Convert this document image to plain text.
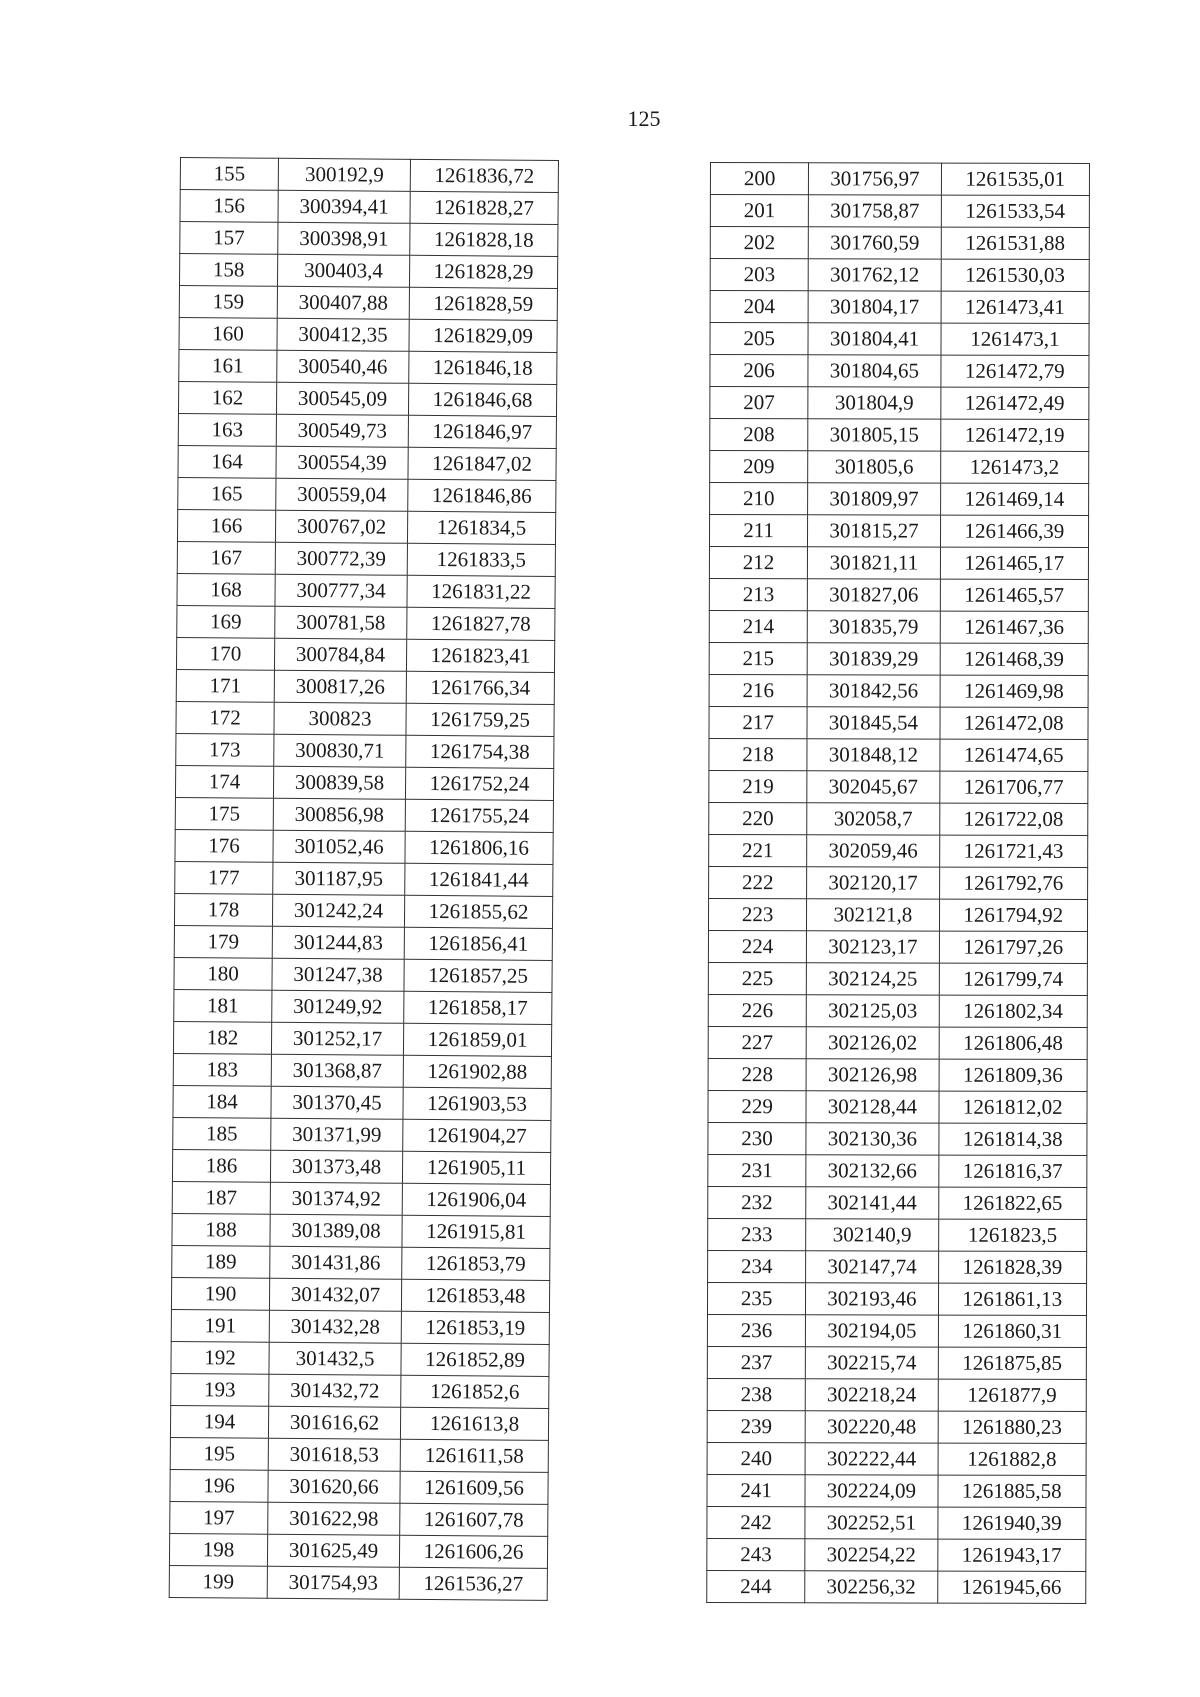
125
155	300192,9	1261836,72
156	300394,41	1261828,27
157	300398,91	1261828,18
158	300403,4	1261828,29
159	300407,88	1261828,59
160	300412,35	1261829,09
161	300540,46	1261846,18
162	300545,09	1261846,68
163	300549,73	1261846,97
164	300554,39	1261847,02
165	300559,04	1261846,86
166	300767,02	1261834,5
167	300772,39	1261833,5
168	300777,34	1261831,22
169	300781,58	1261827,78
170	300784,84	1261823,41
171	300817,26	1261766,34
172	300823	1261759,25
173	300830,71	1261754,38
174	300839,58	1261752,24
175	300856,98	1261755,24
176	301052,46	1261806,16
177	301187,95	1261841,44
178	301242,24	1261855,62
179	301244,83	1261856,41
180	301247,38	1261857,25
181	301249,92	1261858,17
182	301252,17	1261859,01
183	301368,87	1261902,88
184	301370,45	1261903,53
185	301371,99	1261904,27
186	301373,48	1261905,11
187	301374,92	1261906,04
188	301389,08	1261915,81
189	301431,86	1261853,79
190	301432,07	1261853,48
191	301432,28	1261853,19
192	301432,5	1261852,89
193	301432,72	1261852,6
194	301616,62	1261613,8
195	301618,53	1261611,58
196	301620,66	1261609,56
197	301622,98	1261607,78
198	301625,49	1261606,26
199	301754,93	1261536,27
200	301756,97	1261535,01
201	301758,87	1261533,54
202	301760,59	1261531,88
203	301762,12	1261530,03
204	301804,17	1261473,41
205	301804,41	1261473,1
206	301804,65	1261472,79
207	301804,9	1261472,49
208	301805,15	1261472,19
209	301805,6	1261473,2
210	301809,97	1261469,14
211	301815,27	1261466,39
212	301821,11	1261465,17
213	301827,06	1261465,57
214	301835,79	1261467,36
215	301839,29	1261468,39
216	301842,56	1261469,98
217	301845,54	1261472,08
218	301848,12	1261474,65
219	302045,67	1261706,77
220	302058,7	1261722,08
221	302059,46	1261721,43
222	302120,17	1261792,76
223	302121,8	1261794,92
224	302123,17	1261797,26
225	302124,25	1261799,74
226	302125,03	1261802,34
227	302126,02	1261806,48
228	302126,98	1261809,36
229	302128,44	1261812,02
230	302130,36	1261814,38
231	302132,66	1261816,37
232	302141,44	1261822,65
233	302140,9	1261823,5
234	302147,74	1261828,39
235	302193,46	1261861,13
236	302194,05	1261860,31
237	302215,74	1261875,85
238	302218,24	1261877,9
239	302220,48	1261880,23
240	302222,44	1261882,8
241	302224,09	1261885,58
242	302252,51	1261940,39
243	302254,22	1261943,17
244	302256,32	1261945,66
